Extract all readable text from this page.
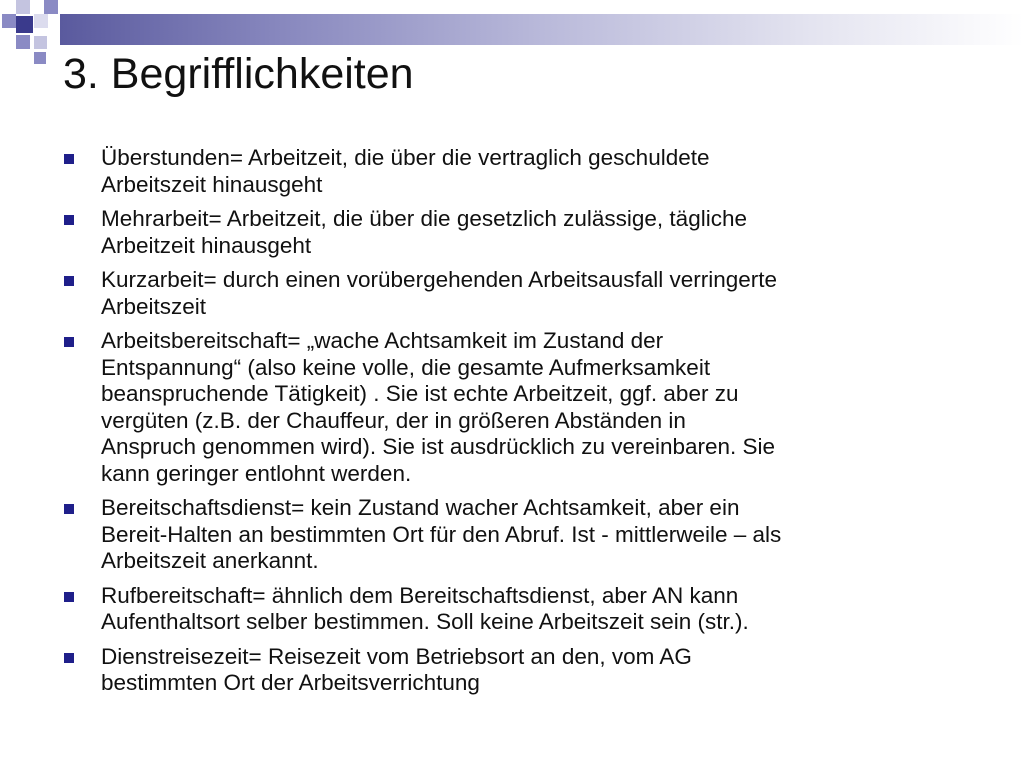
3. Begrifflichkeiten
Überstunden= Arbeitzeit, die über die vertraglich geschuldete
Arbeitszeit hinausgeht
Mehrarbeit= Arbeitzeit, die über die gesetzlich zulässige, tägliche
Arbeitzeit hinausgeht
Kurzarbeit= durch einen vorübergehenden Arbeitsausfall verringerte
Arbeitszeit
Arbeitsbereitschaft= „wache Achtsamkeit im Zustand der
Entspannung“ (also keine volle, die gesamte Aufmerksamkeit
beanspruchende Tätigkeit) . Sie ist echte Arbeitzeit, ggf. aber zu
vergüten (z.B. der Chauffeur, der in größeren Abständen in
Anspruch genommen wird). Sie ist ausdrücklich zu vereinbaren. Sie
kann geringer entlohnt werden.
Bereitschaftsdienst= kein Zustand wacher Achtsamkeit, aber ein
Bereit-Halten an bestimmten Ort für den Abruf. Ist - mittlerweile – als
Arbeitszeit anerkannt.
Rufbereitschaft= ähnlich dem Bereitschaftsdienst, aber AN kann
Aufenthaltsort selber bestimmen. Soll keine Arbeitszeit sein (str.).
Dienstreisezeit= Reisezeit vom Betriebsort an den, vom AG
bestimmten Ort der Arbeitsverrichtung
